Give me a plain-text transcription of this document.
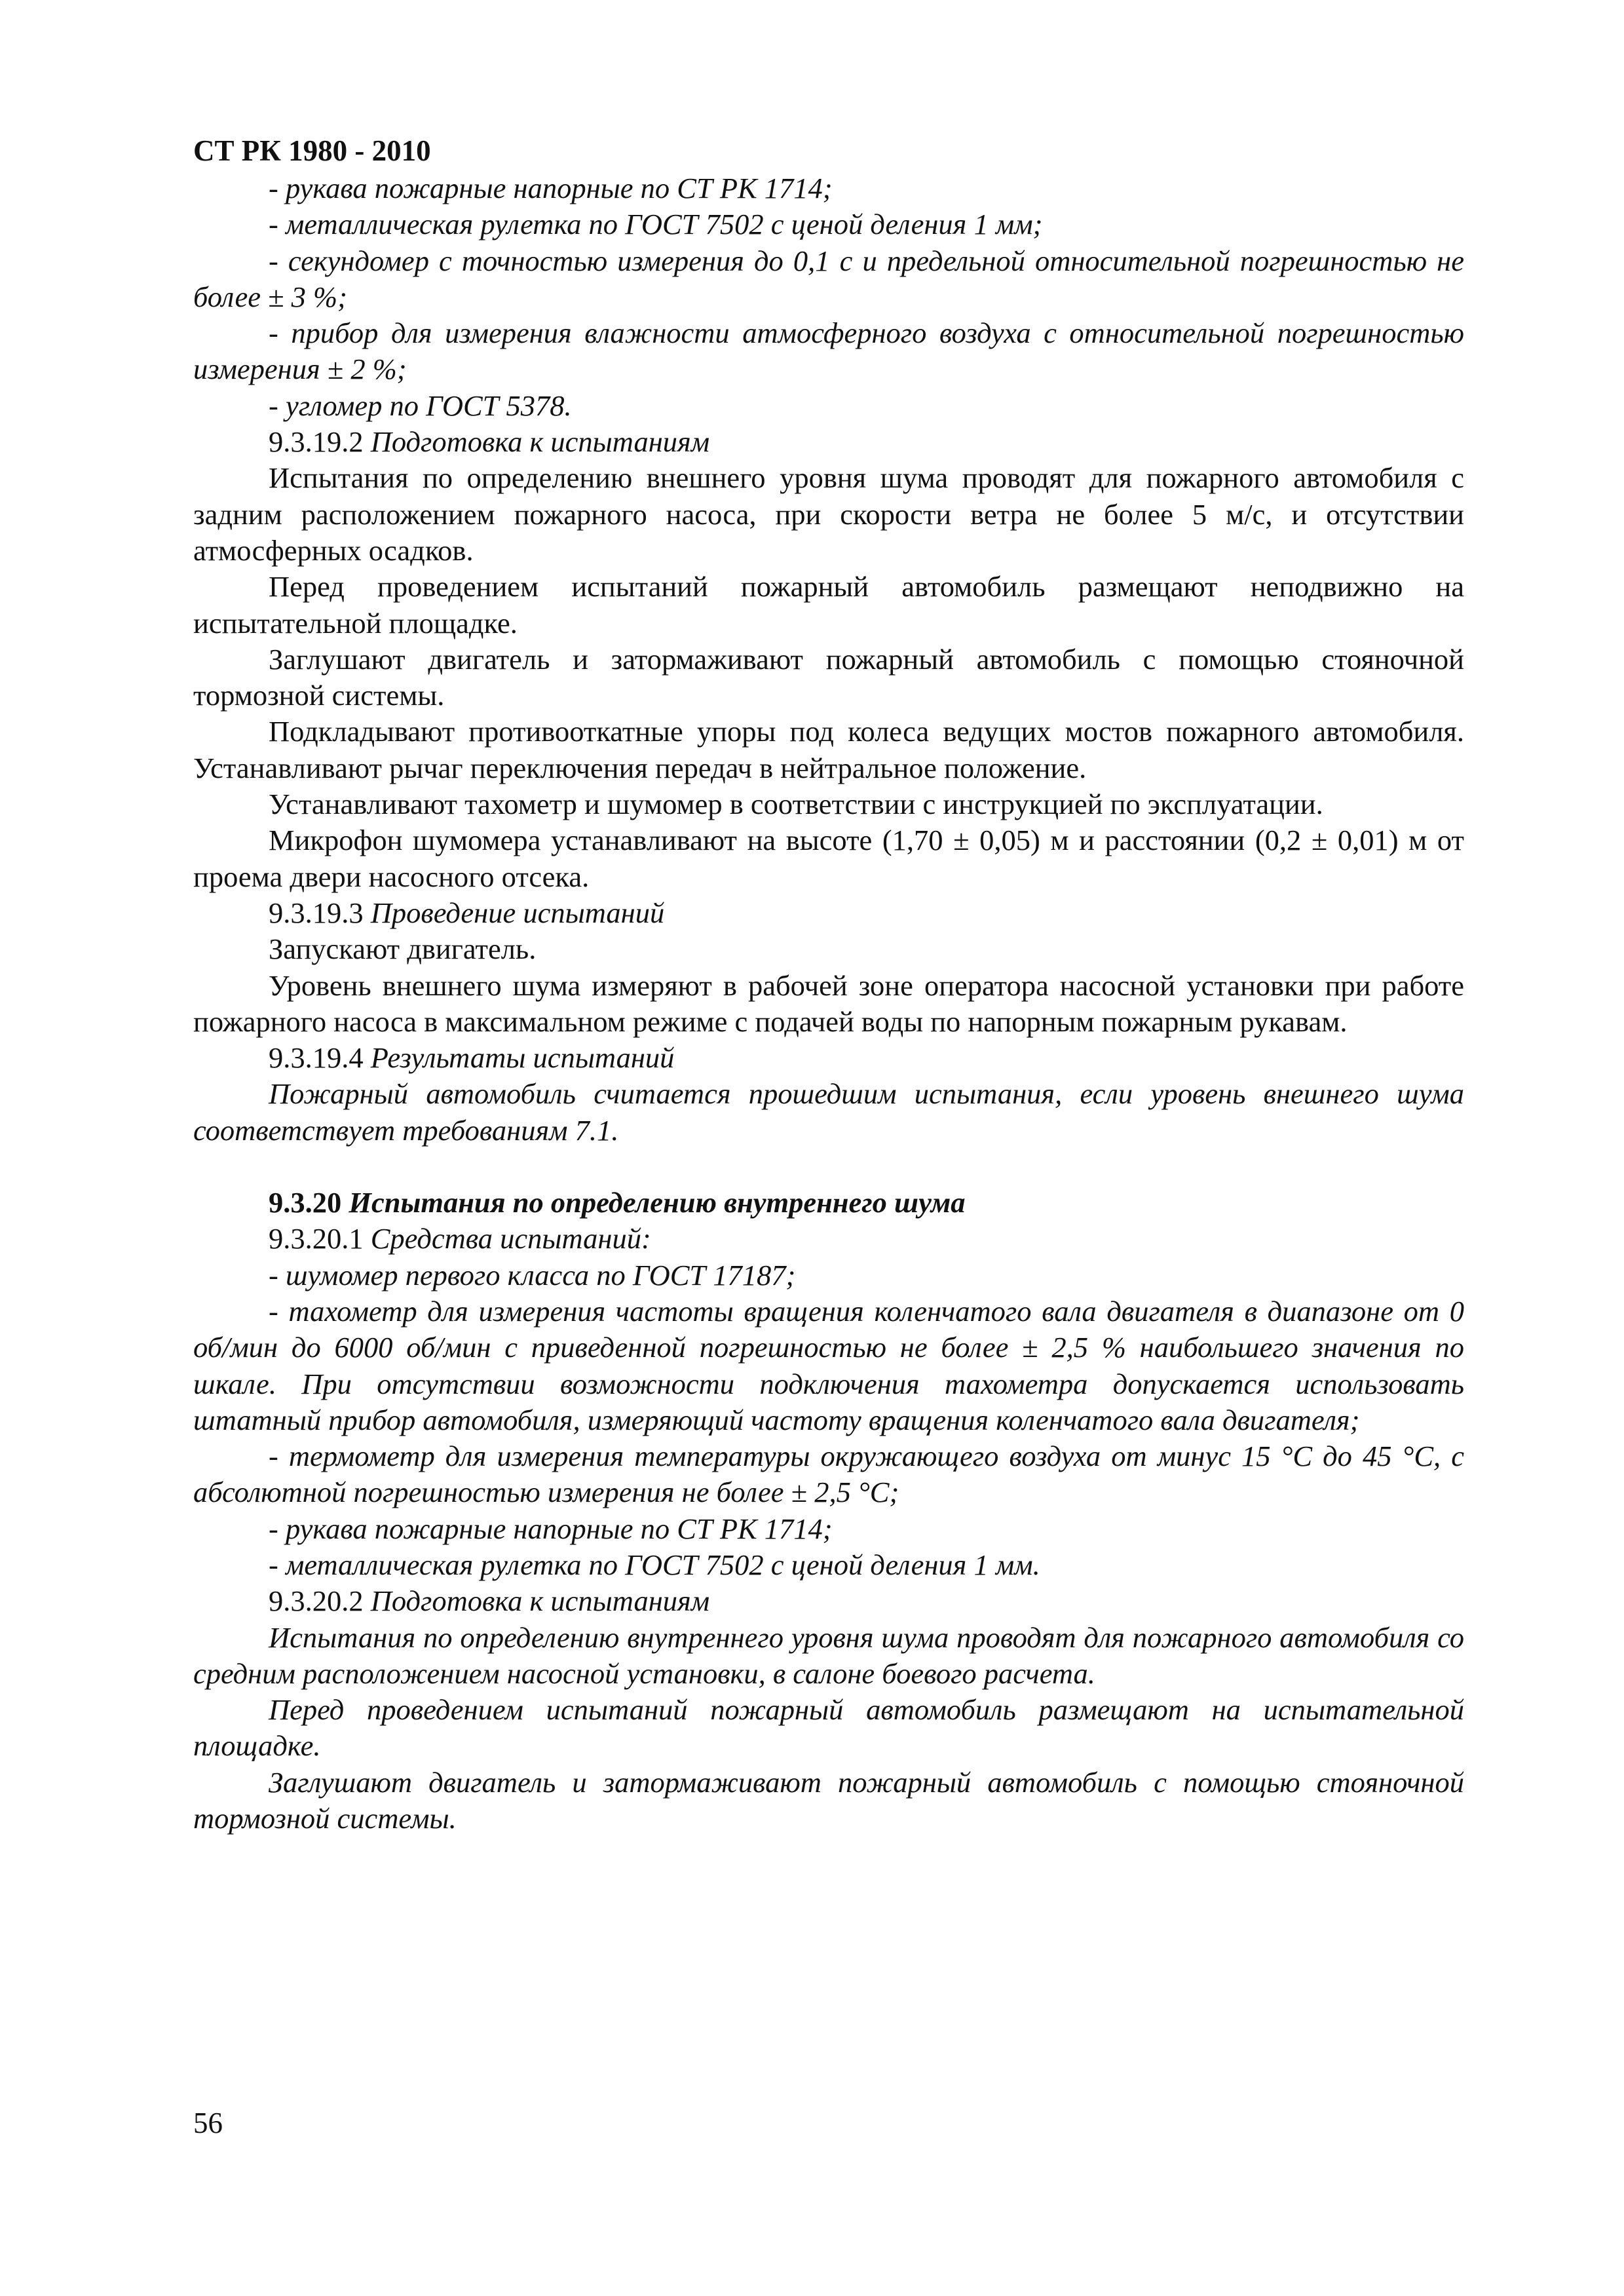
СТ РК 1980 - 2010

- рукава пожарные напорные по СТ РК 1714;

- металлическая рулетка по ГОСТ 7502 с ценой деления 1 мм;

- секундомер с точностью измерения до 0,1 с и предельной относительной погрешностью не более ± 3 %;

- прибор для измерения влажности атмосферного воздуха с относительной погрешностью измерения ± 2 %;

- угломер по ГОСТ 5378.

9.3.19.2 Подготовка к испытаниям

Испытания по определению внешнего уровня шума проводят для пожарного автомобиля с задним расположением пожарного насоса, при скорости ветра не более 5 м/с, и отсутствии атмосферных осадков.

Перед проведением испытаний пожарный автомобиль размещают неподвижно на испытательной площадке.

Заглушают двигатель и затормаживают пожарный автомобиль с помощью стояночной тормозной системы.

Подкладывают противооткатные упоры под колеса ведущих мостов пожарного автомобиля. Устанавливают рычаг переключения передач в нейтральное положение.

Устанавливают тахометр и шумомер в соответствии с инструкцией по эксплуатации.

Микрофон шумомера устанавливают на высоте (1,70 ± 0,05) м и расстоянии (0,2 ± 0,01) м от проема двери насосного отсека.

9.3.19.3 Проведение испытаний

Запускают двигатель.

Уровень внешнего шума измеряют в рабочей зоне оператора насосной установки при работе пожарного насоса в максимальном режиме с подачей воды по напорным пожарным рукавам.

9.3.19.4 Результаты испытаний

Пожарный автомобиль считается прошедшим испытания, если уровень внешнего шума соответствует требованиям 7.1.

9.3.20 Испытания по определению внутреннего шума

9.3.20.1 Средства испытаний:

- шумомер первого класса по ГОСТ 17187;

- тахометр для измерения частоты вращения коленчатого вала двигателя в диапазоне от 0 об/мин до 6000 об/мин с приведенной погрешностью не более ± 2,5 % наибольшего значения по шкале. При отсутствии возможности подключения тахометра допускается использовать штатный прибор автомобиля, измеряющий частоту вращения коленчатого вала двигателя;

- термометр для измерения температуры окружающего воздуха от минус 15 °С до 45 °С, с абсолютной погрешностью измерения не более ± 2,5 °С;

- рукава пожарные напорные по СТ РК 1714;

- металлическая рулетка по ГОСТ 7502 с ценой деления 1 мм.

9.3.20.2 Подготовка к испытаниям

Испытания по определению внутреннего уровня шума проводят для пожарного автомобиля со средним расположением насосной установки, в салоне боевого расчета.

Перед проведением испытаний пожарный автомобиль размещают на испытательной площадке.

Заглушают двигатель и затормаживают пожарный автомобиль с помощью стояночной тормозной системы.

56
